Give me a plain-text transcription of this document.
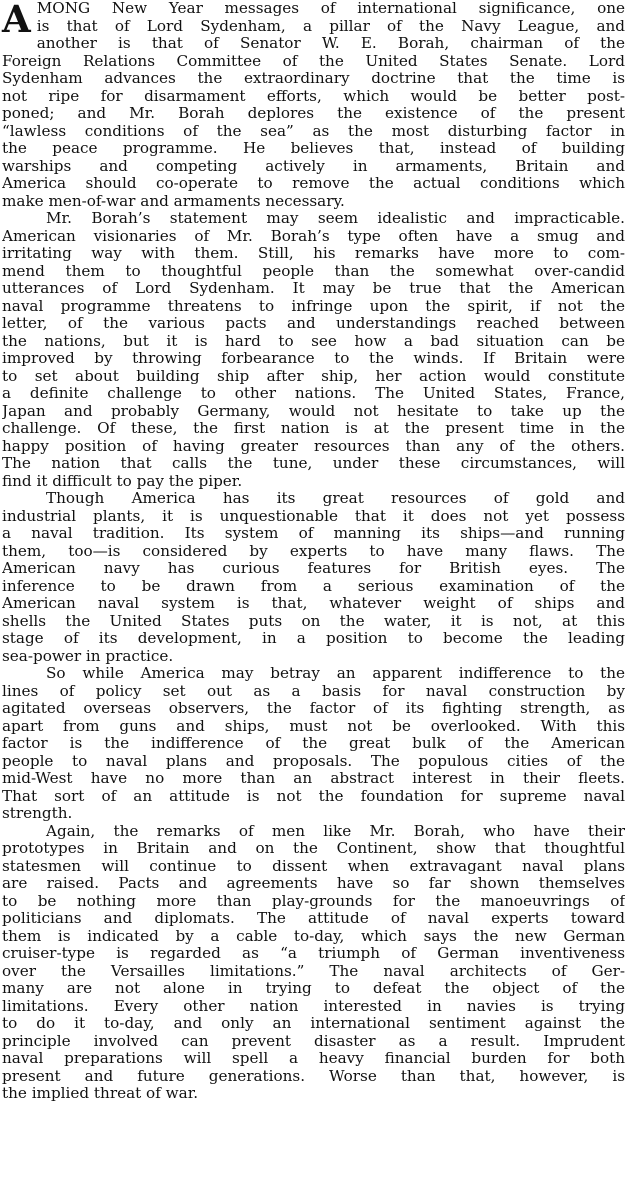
A MONG New Year messages of international significance, one
is that of Lord Sydenham, a pillar of the Navy League, and
another is that of Senator W. E. Borah, chairman of the
Foreign Relations Committee of the United States Senate. Lord
Sydenham advances the extraordinary doctrine that the time is
not ripe for disarmament efforts, which would be better post-
poned; and Mr. Borah deplores the existence of the present
“lawless conditions of the sea” as the most disturbing factor in
the peace programme. He believes that, instead of building
warships and competing actively in armaments, Britain and
America should co-operate to remove the actual conditions which
make men-of-war and armaments necessary.
Mr. Borah’s statement may seem idealistic and impracticable.
American visionaries of Mr. Borah’s type often have a smug and
irritating way with them. Still, his remarks have more to com-
mend them to thoughtful people than the somewhat over-candid
utterances of Lord Sydenham. It may be true that the American
naval programme threatens to infringe upon the spirit, if not the
letter, of the various pacts and understandings reached between
the nations, but it is hard to see how a bad situation can be
improved by throwing forbearance to the winds. If Britain were
to set about building ship after ship, her action would constitute
a definite challenge to other nations. The United States, France,
Japan and probably Germany, would not hesitate to take up the
challenge. Of these, the first nation is at the present time in the
happy position of having greater resources than any of the others.
The nation that calls the tune, under these circumstances, will
find it difficult to pay the piper.
Though America has its great resources of gold and
industrial plants, it is unquestionable that it does not yet possess
a naval tradition. Its system of manning its ships—and running
them, too—is considered by experts to have many flaws. The
American navy has curious features for British eyes. The
inference to be drawn from a serious examination of the
American naval system is that, whatever weight of ships and
shells the United States puts on the water, it is not, at this
stage of its development, in a position to become the leading
sea-power in practice.
So while America may betray an apparent indifference to the
lines of policy set out as a basis for naval construction by
agitated overseas observers, the factor of its fighting strength, as
apart from guns and ships, must not be overlooked. With this
factor is the indifference of the great bulk of the American
people to naval plans and proposals. The populous cities of the
mid-West have no more than an abstract interest in their fleets.
That sort of an attitude is not the foundation for supreme naval
strength.
Again, the remarks of men like Mr. Borah, who have their
prototypes in Britain and on the Continent, show that thoughtful
statesmen will continue to dissent when extravagant naval plans
are raised. Pacts and agreements have so far shown themselves
to be nothing more than play-grounds for the manoeuvrings of
politicians and diplomats. The attitude of naval experts toward
them is indicated by a cable to-day, which says the new German
cruiser-type is regarded as “a triumph of German inventiveness
over the Versailles limitations.” The naval architects of Ger-
many are not alone in trying to defeat the object of the
limitations. Every other nation interested in navies is trying
to do it to-day, and only an international sentiment against the
principle involved can prevent disaster as a result. Imprudent
naval preparations will spell a heavy financial burden for both
present and future generations. Worse than that, however, is
the implied threat of war.
